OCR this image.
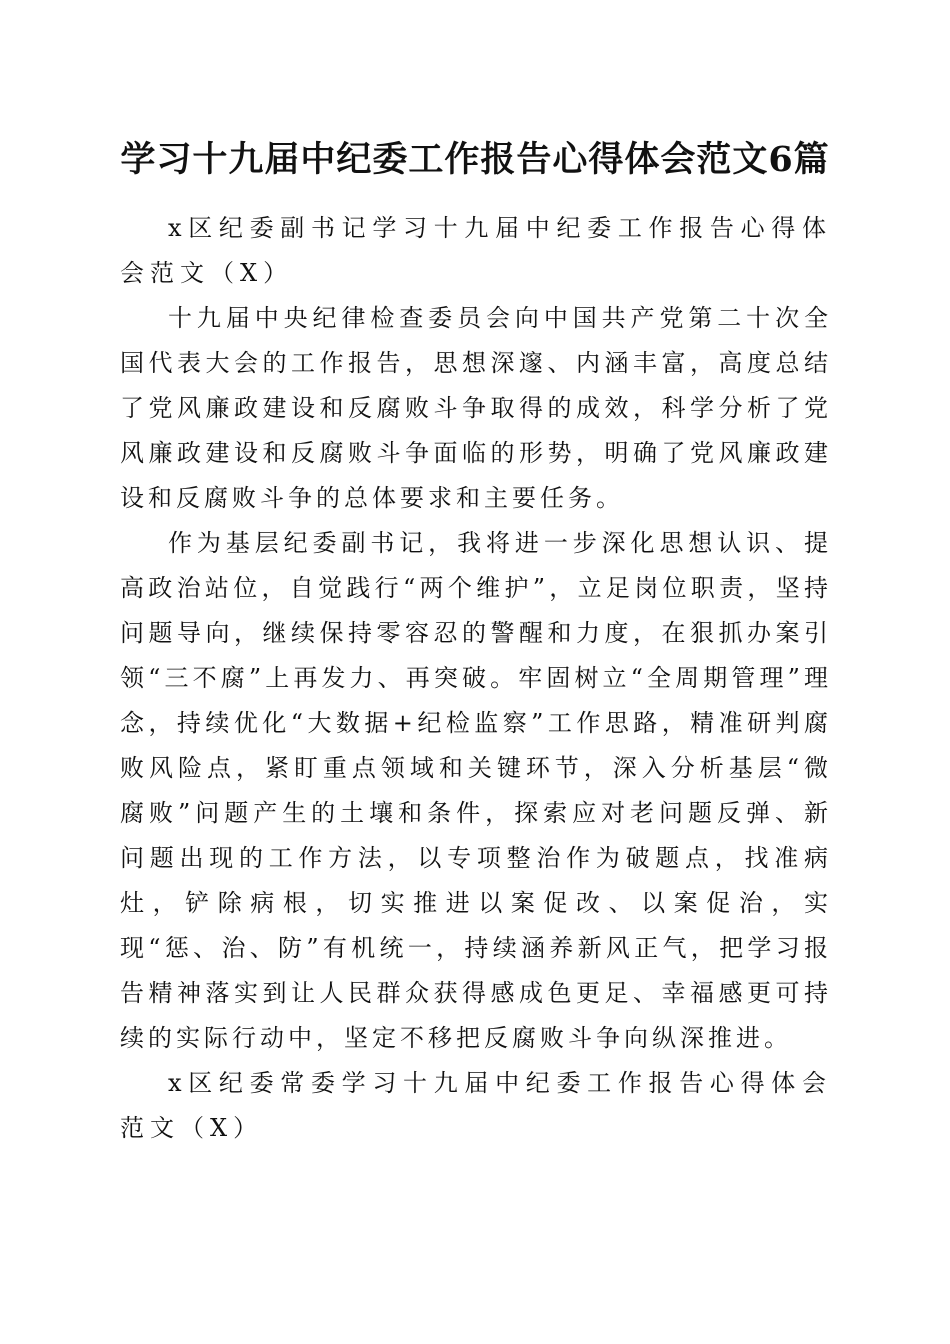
学习十九届中纪委工作报告心得体会范文6篇

x区纪委副书记学习十九届中纪委工作报告心得体会范文（X）

十九届中央纪律检查委员会向中国共产党第二十次全国代表大会的工作报告，思想深邃、内涵丰富，高度总结了党风廉政建设和反腐败斗争取得的成效，科学分析了党风廉政建设和反腐败斗争面临的形势，明确了党风廉政建设和反腐败斗争的总体要求和主要任务。

作为基层纪委副书记，我将进一步深化思想认识、提高政治站位，自觉践行“两个维护”，立足岗位职责，坚持问题导向，继续保持零容忍的警醒和力度，在狠抓办案引领“三不腐”上再发力、再突破。牢固树立“全周期管理”理念，持续优化“大数据+纪检监察”工作思路，精准研判腐败风险点，紧盯重点领域和关键环节，深入分析基层“微腐败”问题产生的土壤和条件，探索应对老问题反弹、新问题出现的工作方法，以专项整治作为破题点，找准病灶，铲除病根，切实推进以案促改、以案促治，实现“惩、治、防”有机统一，持续涵养新风正气，把学习报告精神落实到让人民群众获得感成色更足、幸福感更可持续的实际行动中，坚定不移把反腐败斗争向纵深推进。

x区纪委常委学习十九届中纪委工作报告心得体会范文（X）
